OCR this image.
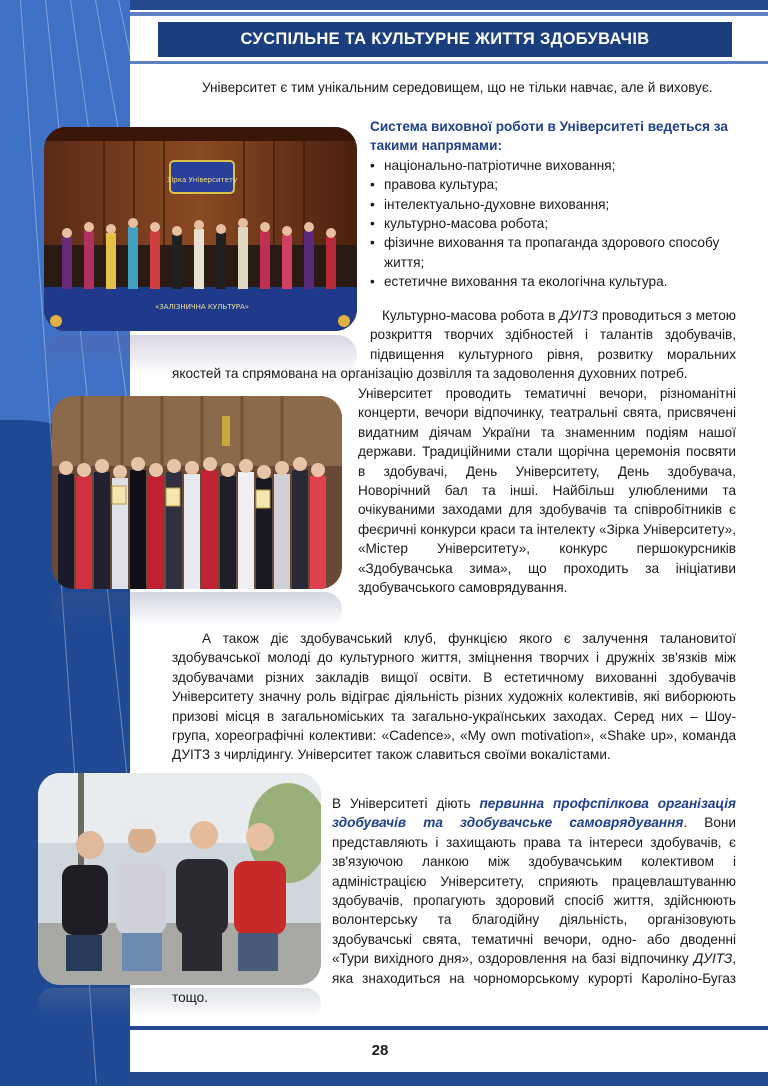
СУСПІЛЬНЕ ТА КУЛЬТУРНЕ ЖИТТЯ ЗДОБУВАЧІВ
Університет є тим унікальним середовищем, що не тільки навчає, але й виховує.
Зірка Університету
«ЗАЛІЗНИЧНА КУЛЬТУРА»
Система виховної роботи в Університеті ведеться за такими напрямами:
• національно-патріотичне виховання;
• правова культура;
• інтелектуально-духовне виховання;
• культурно-масова робота;
• фізичне виховання та пропаганда здорового способу життя;
• естетичне виховання та екологічна культура.
Культурно-масова робота в ДУІТЗ проводиться з метою розкриття творчих здібностей і талантів здобувачів, підвищення культурного рівня, розвитку моральних якостей та спрямована на організацію дозвілля та задоволення духовних потреб.
Університет проводить тематичні вечори, різноманітні концерти, вечори відпочинку, театральні свята, присвячені видатним діячам України та знаменним подіям нашої держави. Традиційними стали щорічна церемонія посвяти в здобувачі, День Університету, День здобувача, Новорічний бал та інші. Найбільш улюбленими та очікуваними заходами для здобувачів та співробітників є феєричні конкурси краси та інтелекту «Зірка Університету», «Містер Університету», конкурс першокурсників «Здобувачська зима», що проходить за ініціативи здобувачського самоврядування.
А також діє здобувачський клуб, функцією якого є залучення талановитої здобувачської молоді до культурного життя, зміцнення творчих і дружніх зв'язків між здобувачами різних закладів вищої освіти. В естетичному вихованні здобувачів Університету значну роль відіграє діяльність різних художніх колективів, які виборюють призові місця в загальноміських та загально-українських заходах. Серед них – Шоу-група, хореографічні колективи: «Cadence», «My own motivation», «Shake up», команда ДУІТЗ з чирлідингу. Університет також славиться своїми вокалістами.
В Університеті діють первинна профспілкова організація здобувачів та здобувачське самоврядування. Вони представляють і захищають права та інтереси здобувачів, є зв'язуючою ланкою між здобувачським колективом і адміністрацією Університету, сприяють працевлаштуванню здобувачів, пропагують здоровий спосіб життя, здійснюють волонтерську та благодійну діяльність, організовують здобувачські свята, тематичні вечори, одно- або дводенні «Тури вихідного дня», оздоровлення на базі відпочинку ДУІТЗ, яка знаходиться на чорноморському курорті Кароліно-Бугаз тощо.
28
